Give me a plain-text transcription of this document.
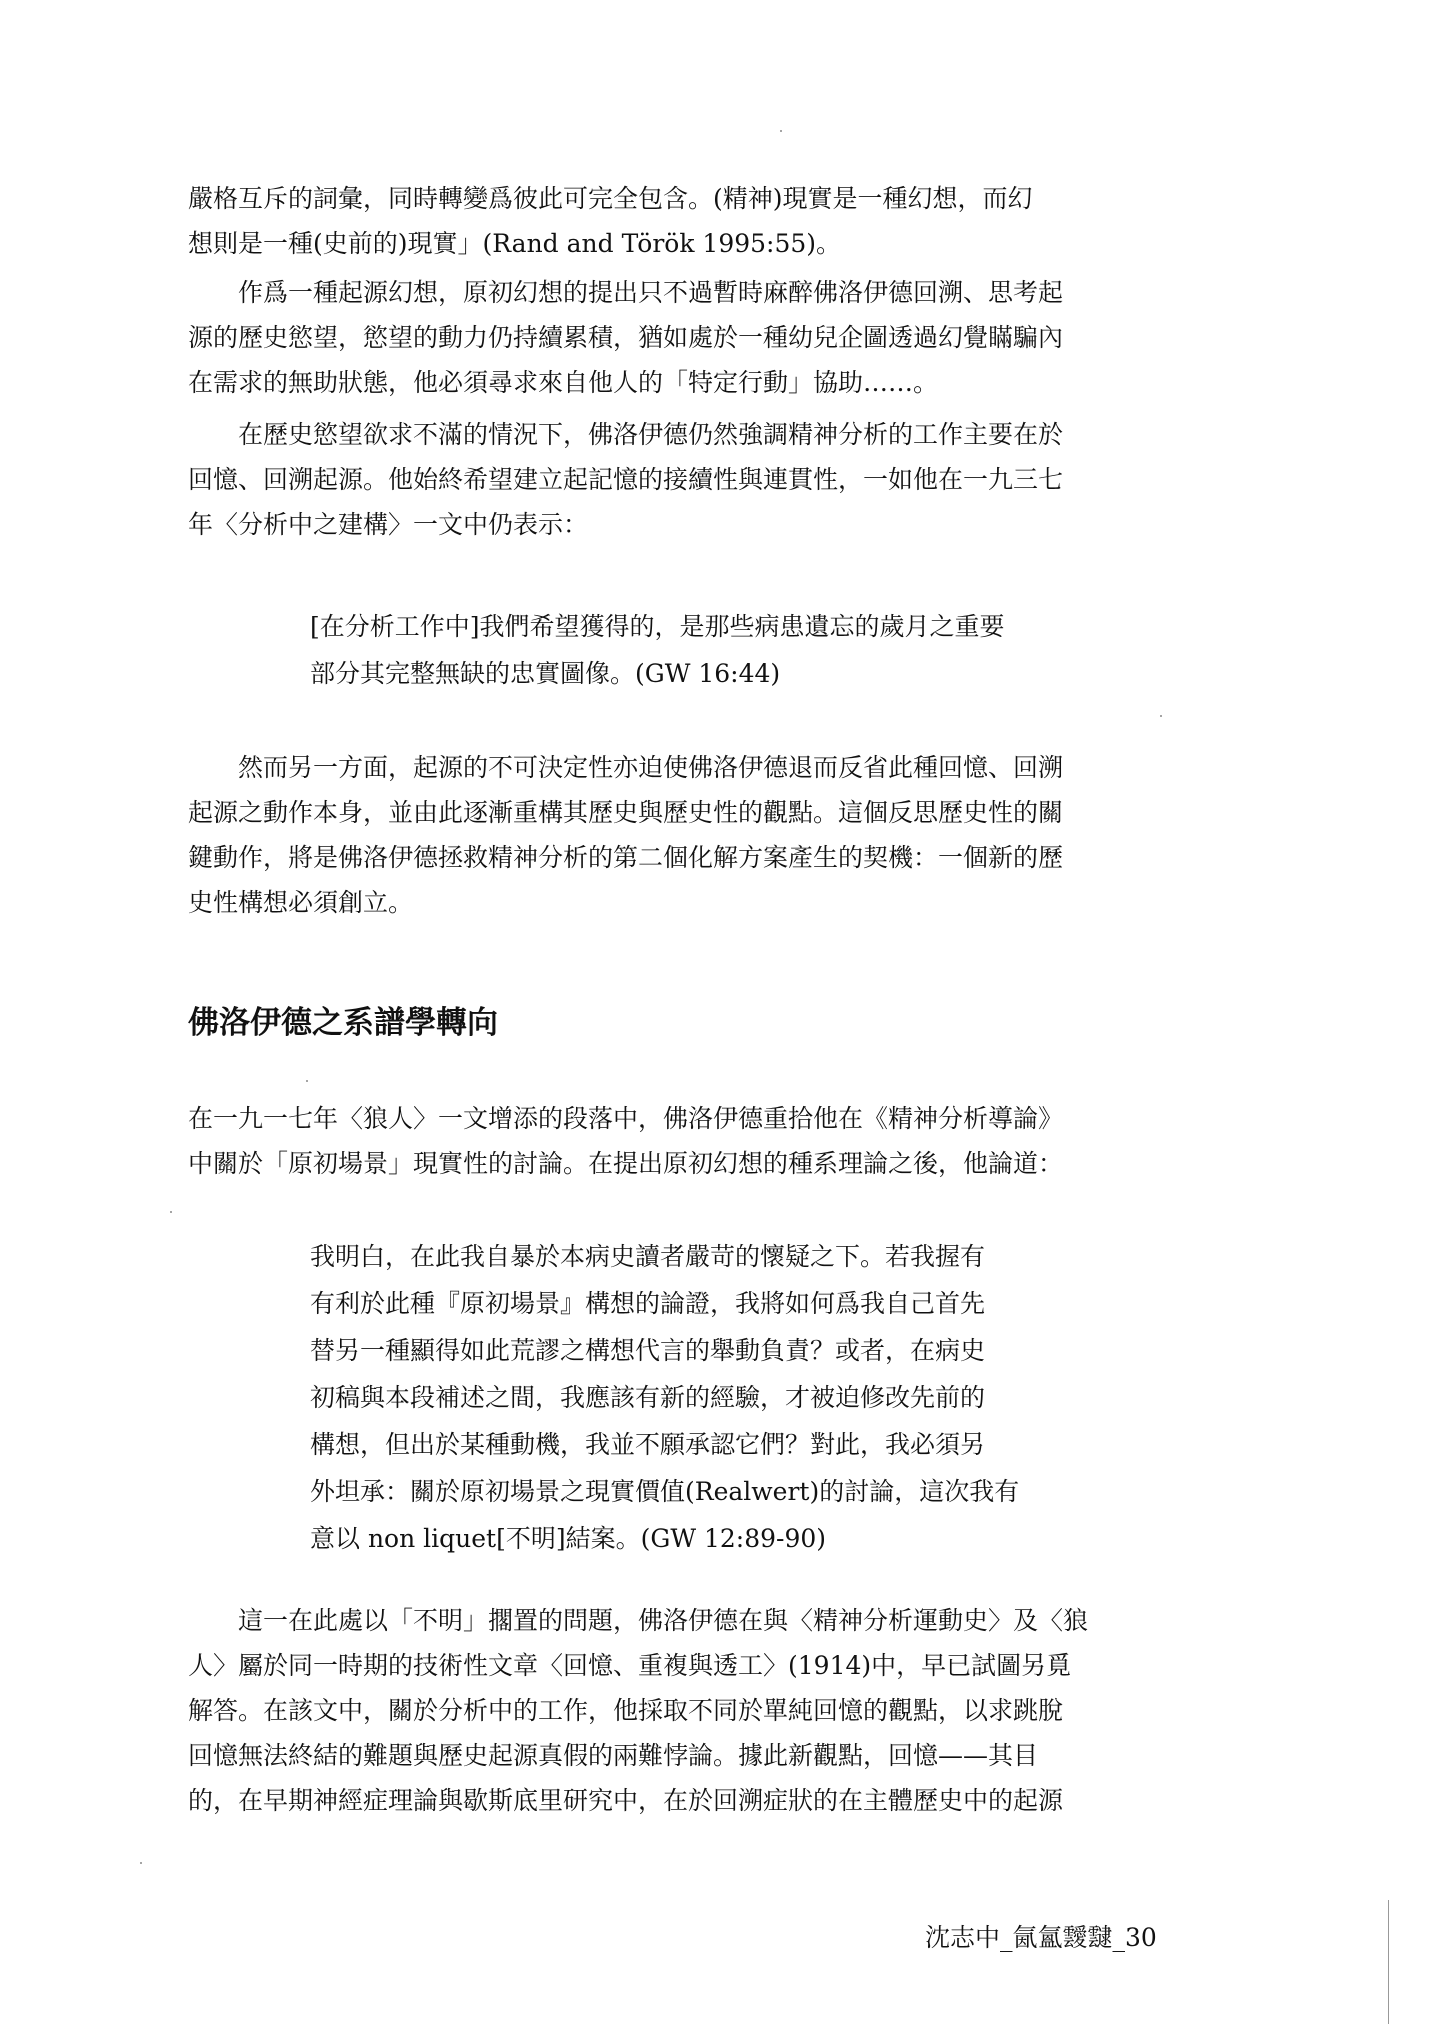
嚴格互斥的詞彙，同時轉變爲彼此可完全包含。(精神)現實是一種幻想，而幻
想則是一種(史前的)現實」(Rand and Török 1995:55)。
　　作爲一種起源幻想，原初幻想的提出只不過暫時麻醉佛洛伊德回溯、思考起
源的歷史慾望，慾望的動力仍持續累積，猶如處於一種幼兒企圖透過幻覺瞞騙內
在需求的無助狀態，他必須尋求來自他人的「特定行動」協助……。
　　在歷史慾望欲求不滿的情況下，佛洛伊德仍然強調精神分析的工作主要在於
回憶、回溯起源。他始終希望建立起記憶的接續性與連貫性，一如他在一九三七
年〈分析中之建構〉一文中仍表示：
[在分析工作中]我們希望獲得的，是那些病患遺忘的歲月之重要
部分其完整無缺的忠實圖像。(GW 16:44)
　　然而另一方面，起源的不可決定性亦迫使佛洛伊德退而反省此種回憶、回溯
起源之動作本身，並由此逐漸重構其歷史與歷史性的觀點。這個反思歷史性的關
鍵動作，將是佛洛伊德拯救精神分析的第二個化解方案產生的契機：一個新的歷
史性構想必須創立。
佛洛伊德之系譜學轉向
在一九一七年〈狼人〉一文增添的段落中，佛洛伊德重拾他在《精神分析導論》
中關於「原初場景」現實性的討論。在提出原初幻想的種系理論之後，他論道：
我明白，在此我自暴於本病史讀者嚴苛的懷疑之下。若我握有
有利於此種『原初場景』構想的論證，我將如何爲我自己首先
替另一種顯得如此荒謬之構想代言的舉動負責？或者，在病史
初稿與本段補述之間，我應該有新的經驗，才被迫修改先前的
構想，但出於某種動機，我並不願承認它們？對此，我必須另
外坦承：關於原初場景之現實價值(Realwert)的討論，這次我有
意以 non liquet[不明]結案。(GW 12:89-90)
　　這一在此處以「不明」擱置的問題，佛洛伊德在與〈精神分析運動史〉及〈狼
人〉屬於同一時期的技術性文章〈回憶、重複與透工〉(1914)中，早已試圖另覓
解答。在該文中，關於分析中的工作，他採取不同於單純回憶的觀點，以求跳脫
回憶無法終結的難題與歷史起源真假的兩難悖論。據此新觀點，回憶——其目
的，在早期神經症理論與歇斯底里研究中，在於回溯症狀的在主體歷史中的起源
沈志中_氤氳靉靆_30
